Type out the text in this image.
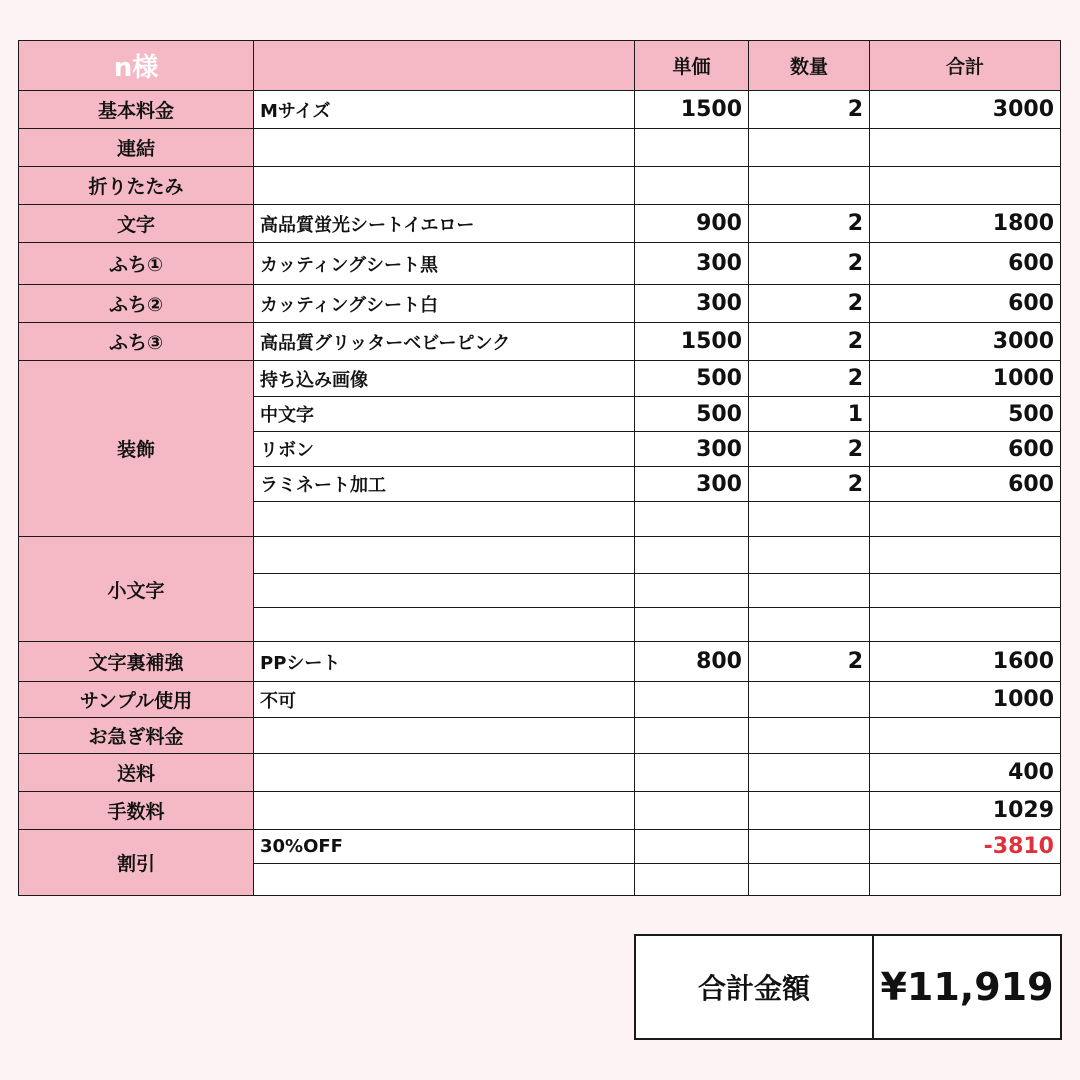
n様		単価	数量	合計
基本料金	Mサイズ	1500	2	3000
連結				
折りたたみ				
文字	高品質蛍光シートイエロー	900	2	1800
ふち①	カッティングシート黒	300	2	600
ふち②	カッティングシート白	300	2	600
ふち③	高品質グリッターベビーピンク	1500	2	3000
装飾	持ち込み画像	500	2	1000
	中文字	500	1	500
	リボン	300	2	600
	ラミネート加工	300	2	600

小文字				

文字裏補強	PPシート	800	2	1600
サンプル使用	不可			1000
お急ぎ料金				
送料				400
手数料				1029
割引	30%OFF			-3810

合計金額	¥11,919
